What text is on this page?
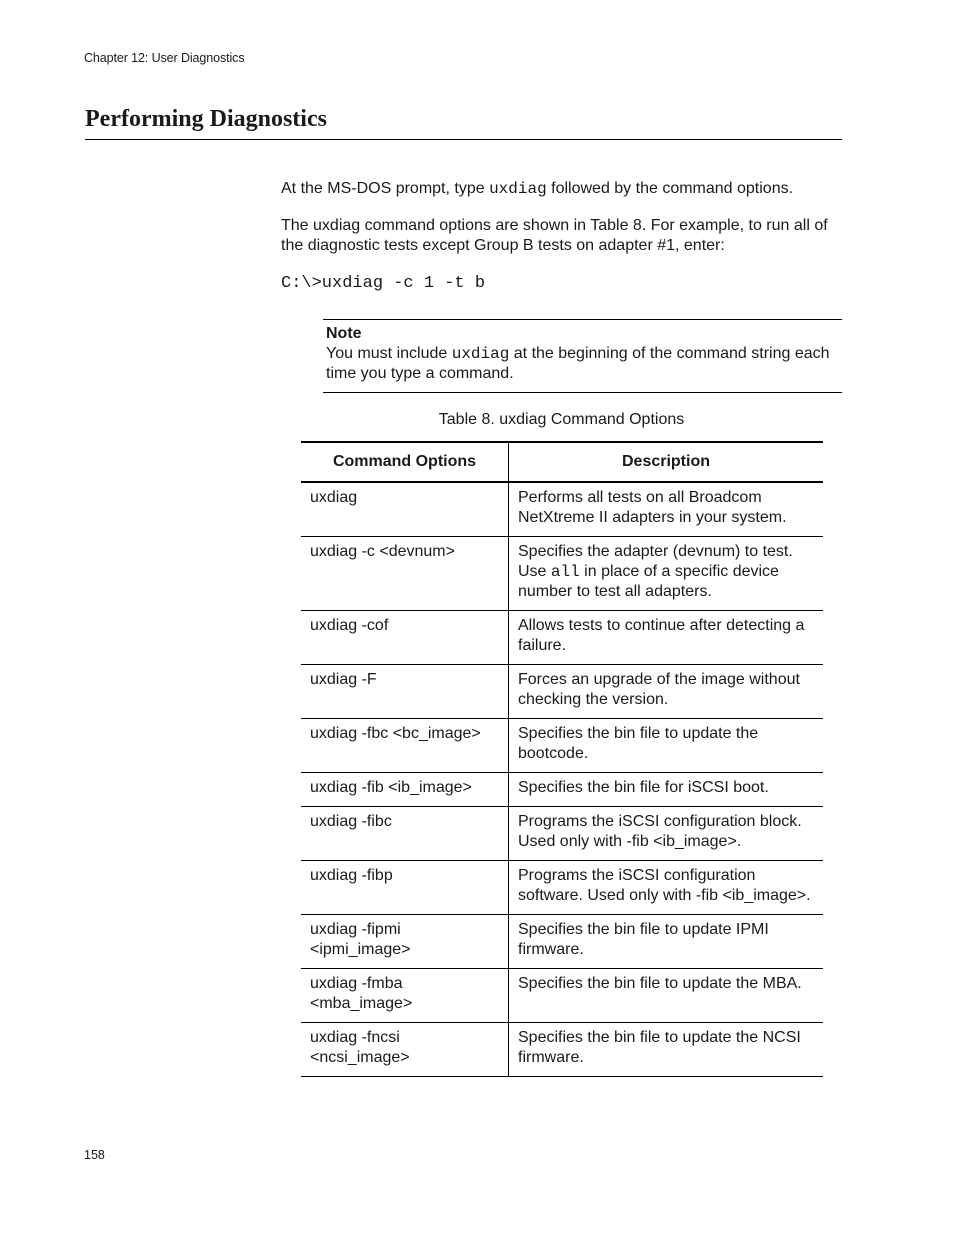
Chapter 12: User Diagnostics
Performing Diagnostics

At the MS-DOS prompt, type uxdiag followed by the command options.

The uxdiag command options are shown in Table 8. For example, to run all of the diagnostic tests except Group B tests on adapter #1, enter:

C:\>uxdiag -c 1 -t b
Note
You must include uxdiag at the beginning of the command string each time you type a command.
Table 8. uxdiag Command Options
Command Options	Description
uxdiag	Performs all tests on all Broadcom NetXtreme II adapters in your system.
uxdiag -c <devnum>	Specifies the adapter (devnum) to test. Use all in place of a specific device number to test all adapters.
uxdiag -cof	Allows tests to continue after detecting a failure.
uxdiag -F	Forces an upgrade of the image without checking the version.
uxdiag -fbc <bc_image>	Specifies the bin file to update the bootcode.
uxdiag -fib <ib_image>	Specifies the bin file for iSCSI boot.
uxdiag -fibc	Programs the iSCSI configuration block. Used only with -fib <ib_image>.
uxdiag -fibp	Programs the iSCSI configuration software. Used only with -fib <ib_image>.
uxdiag -fipmi <ipmi_image>	Specifies the bin file to update IPMI firmware.
uxdiag -fmba <mba_image>	Specifies the bin file to update the MBA.
uxdiag -fncsi <ncsi_image>	Specifies the bin file to update the NCSI firmware.
158
